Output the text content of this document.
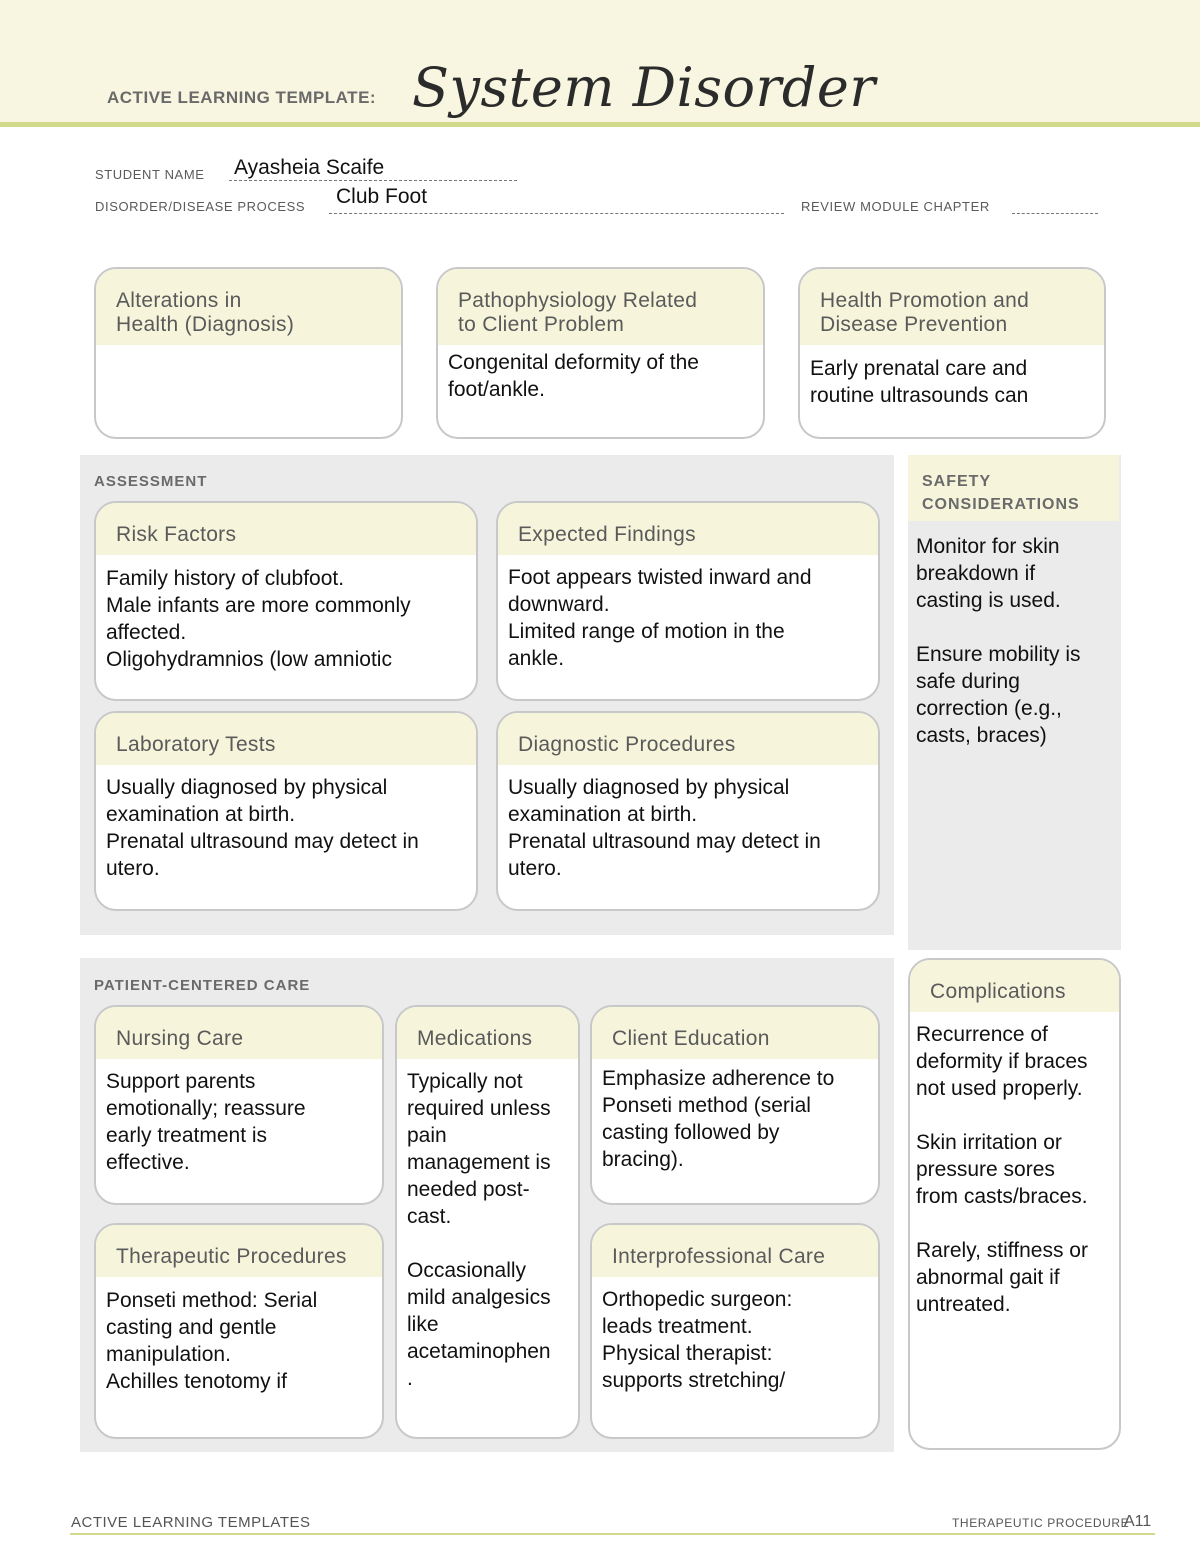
ACTIVE LEARNING TEMPLATE: System Disorder
STUDENT NAME Ayasheia Scaife
DISORDER/DISEASE PROCESS Club Foot	REVIEW MODULE CHAPTER
Alterations in
Health (Diagnosis)
Pathophysiology Related
to Client Problem
Congenital deformity of the
foot/ankle.
Health Promotion and
Disease Prevention
Early prenatal care and
routine ultrasounds can
ASSESSMENT
Risk Factors
Family history of clubfoot.
Male infants are more commonly
affected.
Oligohydramnios (low amniotic
Expected Findings
Foot appears twisted inward and
downward.
Limited range of motion in the
ankle.
Laboratory Tests
Usually diagnosed by physical
examination at birth.
Prenatal ultrasound may detect in
utero.
Diagnostic Procedures
Usually diagnosed by physical
examination at birth.
Prenatal ultrasound may detect in
utero.
SAFETY
CONSIDERATIONS
Monitor for skin
breakdown if
casting is used.

Ensure mobility is
safe during
correction (e.g.,
casts, braces)
PATIENT-CENTERED CARE
Nursing Care
Support parents
emotionally; reassure
early treatment is
effective.
Medications
Typically not
required unless
pain
management is
needed post-
cast.

Occasionally
mild analgesics
like
acetaminophen
.
Client Education
Emphasize adherence to
Ponseti method (serial
casting followed by
bracing).
Therapeutic Procedures
Ponseti method: Serial
casting and gentle
manipulation.
Achilles tenotomy if
Interprofessional Care
Orthopedic surgeon:
leads treatment.
Physical therapist:
supports stretching/
Complications
Recurrence of
deformity if braces
not used properly.

Skin irritation or
pressure sores
from casts/braces.

Rarely, stiffness or
abnormal gait if
untreated.
ACTIVE LEARNING TEMPLATES	THERAPEUTIC PROCEDURE
A11
